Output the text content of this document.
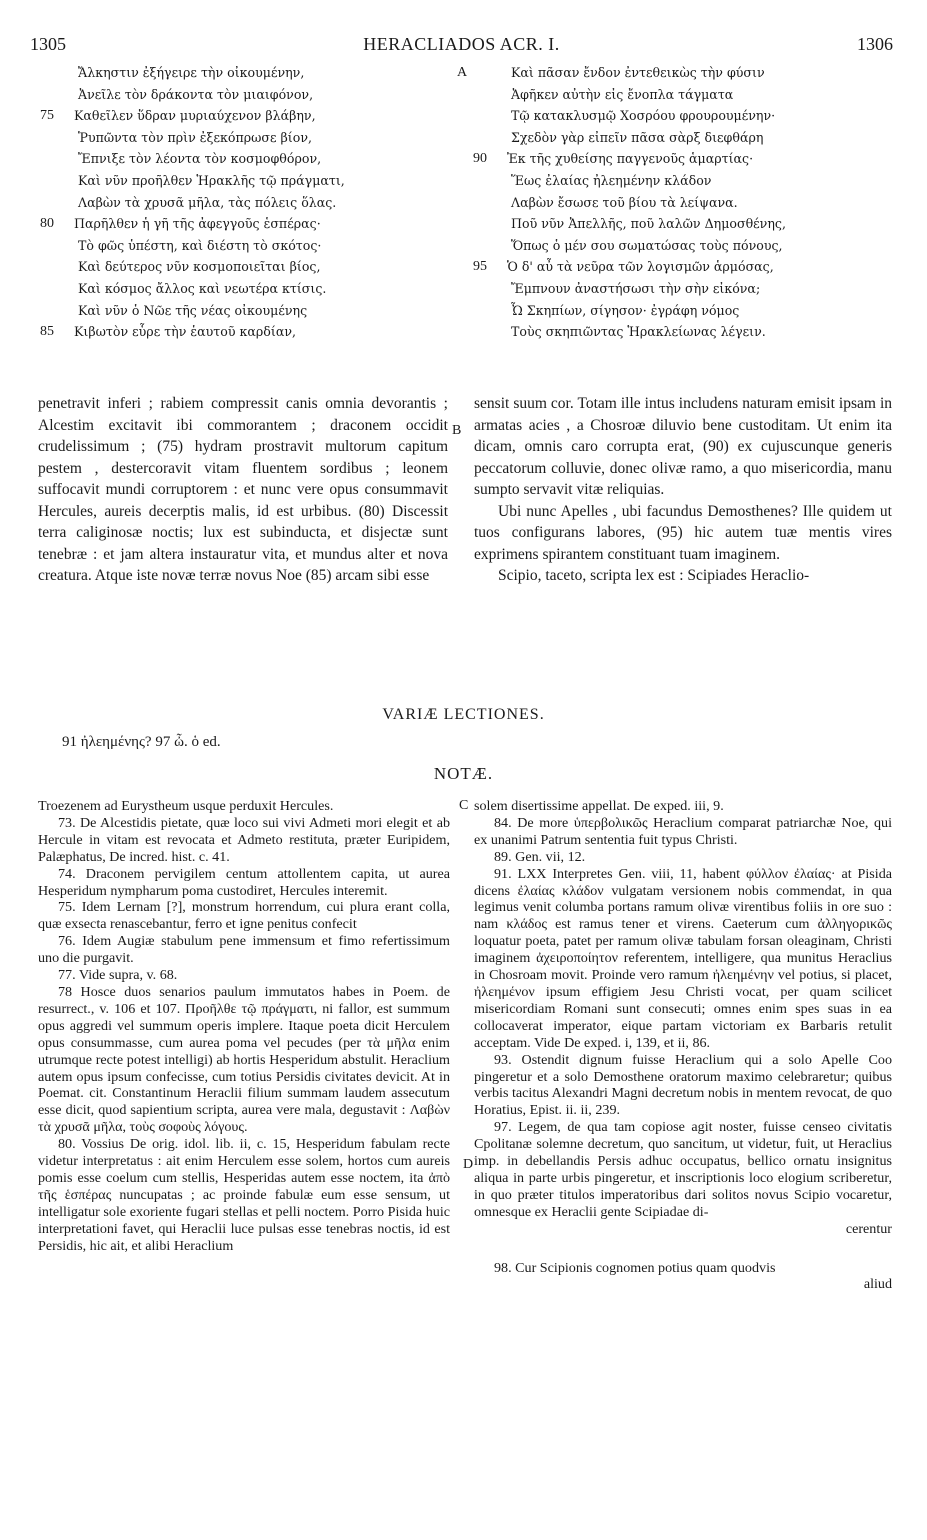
1305	HERACLIADOS ACR. I.	1306
Ἄλκηστιν ἐξήγειρε τὴν οἰκουμένην,
Ἀνεῖλε τὸν δράκοντα τὸν μιαιφόνον,
75	Καθεῖλεν ὕδραν μυριαύχενον βλάβην,
Ῥυπῶντα τὸν πρὶν ἐξεκόπρωσε βίον,
Ἔπνιξε τὸν λέοντα τὸν κοσμοφθόρον,
Καὶ νῦν προῆλθεν Ἡρακλῆς τῷ πράγματι,
Λαβὼν τὰ χρυσᾶ μῆλα, τὰς πόλεις ὅλας.
80	Παρῆλθεν ἡ γῆ τῆς ἀφεγγοῦς ἑσπέρας·
Τὸ φῶς ὑπέστη, καὶ διέστη τὸ σκότος·
Καὶ δεύτερος νῦν κοσμοποιεῖται βίος,
Καὶ κόσμος ἄλλος καὶ νεωτέρα κτίσις.
Καὶ νῦν ὁ Νῶε τῆς νέας οἰκουμένης
85	Κιβωτὸν εὗρε τὴν ἑαυτοῦ καρδίαν,
Καὶ πᾶσαν ἔνδον ἐντεθεικὼς τὴν φύσιν
Ἀφῆκεν αὐτὴν εἰς ἔνοπλα τάγματα
Τῷ κατακλυσμῷ Χοσρόου φρουρουμένην·
Σχεδὸν γὰρ εἰπεῖν πᾶσα σὰρξ διεφθάρη
90	Ἐκ τῆς χυθείσης παγγενοῦς ἁμαρτίας·
Ἕως ἐλαίας ἠλεημένην κλάδον
Λαβὼν ἔσωσε τοῦ βίου τὰ λείψανα.
Ποῦ νῦν Ἀπελλῆς, ποῦ λαλῶν Δημοσθένης,
Ὅπως ὁ μέν σου σωματώσας τοὺς πόνους,
95	Ὁ δ' αὖ τὰ νεῦρα τῶν λογισμῶν ἁρμόσας,
Ἔμπνουν ἀναστήσωσι τὴν σὴν εἰκόνα;
Ὦ Σκηπίων, σίγησον· ἐγράφη νόμος
Τοὺς σκηπιῶντας Ἡρακλείωνας λέγειν.
A
B
C
D

penetravit inferi ; rabiem compressit canis omnia devorantis ; Alcestim excitavit ibi commorantem ; draconem occidit crudelissimum ; (75) hydram prostravit multorum capitum pestem , destercoravit vitam fluentem sordibus ; leonem suffocavit mundi corruptorem : et nunc vere opus consummavit Hercules, aureis decerptis malis, id est urbibus. (80) Discessit terra caliginosæ noctis; lux est subinducta, et disjectæ sunt tenebræ : et jam altera instauratur vita, et mundus alter et nova creatura. Atque iste novæ terræ novus Noe (85) arcam sibi esse

sensit suum cor. Totam ille intus includens naturam emisit ipsam in armatas acies , a Chosroæ diluvio bene custoditam. Ut enim ita dicam, omnis caro corrupta erat, (90) ex cujuscunque generis peccatorum colluvie, donec olivæ ramo, a quo misericordia, manu sumpto servavit vitæ reliquias.

Ubi nunc Apelles , ubi facundus Demosthenes? Ille quidem ut tuos configurans labores, (95) hic autem tuæ mentis vires exprimens spirantem constituant tuam imaginem.

Scipio, taceto, scripta lex est : Scipiades Heraclio-

VARIÆ LECTIONES.
91 ἠλεημένης? 97 ὦ. ὁ ed.
NOTÆ.

Troezenem ad Eurystheum usque perduxit Hercules.

73. De Alcestidis pietate, quæ loco sui vivi Admeti mori elegit et ab Hercule in vitam est revocata et Admeto restituta, præter Euripidem, Palæphatus, De incred. hist. c. 41.

74. Draconem pervigilem centum attollentem capita, ut aurea Hesperidum nympharum poma custodiret, Hercules interemit.

75. Idem Lernam [?], monstrum horrendum, cui plura erant colla, quæ exsecta renascebantur, ferro et igne penitus confecit

76. Idem Augiæ stabulum pene immensum et fimo refertissimum uno die purgavit.

77. Vide supra, v. 68.

78 Hosce duos senarios paulum immutatos habes in Poem. de resurrect., v. 106 et 107. Προῆλθε τῷ πράγματι, ni fallor, est summum opus aggredi vel summum operis implere. Itaque poeta dicit Herculem opus consummasse, cum aurea poma vel pecudes (per τὰ μῆλα enim utrumque recte potest intelligi) ab hortis Hesperidum abstulit. Heraclium autem opus ipsum confecisse, cum totius Persidis civitates devicit. At in Poemat. cit. Constantinum Heraclii filium summam laudem assecutum esse dicit, quod sapientium scripta, aurea vere mala, degustavit : Λαβὼν τὰ χρυσᾶ μῆλα, τοὺς σοφοὺς λόγους.

80. Vossius De orig. idol. lib. ii, c. 15, Hesperidum fabulam recte videtur interpretatus : ait enim Herculem esse solem, hortos cum aureis pomis esse coelum cum stellis, Hesperidas autem esse noctem, ita ἀπὸ τῆς ἑσπέρας nuncupatas ; ac proinde fabulæ eum esse sensum, ut intelligatur sole exoriente fugari stellas et pelli noctem. Porro Pisida huic interpretationi favet, qui Heraclii luce pulsas esse tenebras noctis, id est Persidis, hic ait, et alibi Heraclium

solem disertissime appellat. De exped. iii, 9.

84. De more ὑπερβολικῶς Heraclium comparat patriarchæ Noe, qui ex unanimi Patrum sententia fuit typus Christi.

89. Gen. vii, 12.

91. LXX Interpretes Gen. viii, 11, habent φύλλον ἐλαίας· at Pisida dicens ἐλαίας κλάδον vulgatam versionem nobis commendat, in qua legimus venit columba portans ramum olivæ virentibus foliis in ore suo : nam κλάδος est ramus tener et virens. Caeterum cum ἀλληγορικῶς loquatur poeta, patet per ramum olivæ tabulam forsan oleaginam, Christi imaginem ἀχειροποίητον referentem, intelligere, qua munitus Heraclius in Chosroam movit. Proinde vero ramum ἠλεημένην vel potius, si placet, ἠλεημένον ipsum effigiem Jesu Christi vocat, per quam scilicet misericordiam Romani sunt consecuti; omnes enim spes suas in ea collocaverat imperator, eique partam victoriam ex Barbaris retulit acceptam. Vide De exped. i, 139, et ii, 86.

93. Ostendit dignum fuisse Heraclium qui a solo Apelle Coo pingeretur et a solo Demosthene oratorum maximo celebraretur; quibus verbis tacitus Alexandri Magni decretum nobis in mentem revocat, de quo Horatius, Epist. ii. ii, 239.

97. Legem, de qua tam copiose agit noster, fuisse censeo civitatis Cpolitanæ solemne decretum, quo sancitum, ut videtur, fuit, ut Heraclius imp. in debellandis Persis adhuc occupatus, bellico ornatu insignitus aliqua in parte urbis pingeretur, et inscriptionis loco elogium scriberetur, in quo præter titulos imperatoribus dari solitos novus Scipio vocaretur, omnesque ex Heraclii gente Scipiadae di-

cerentur

98. Cur Scipionis cognomen potius quam quodvis

aliud
